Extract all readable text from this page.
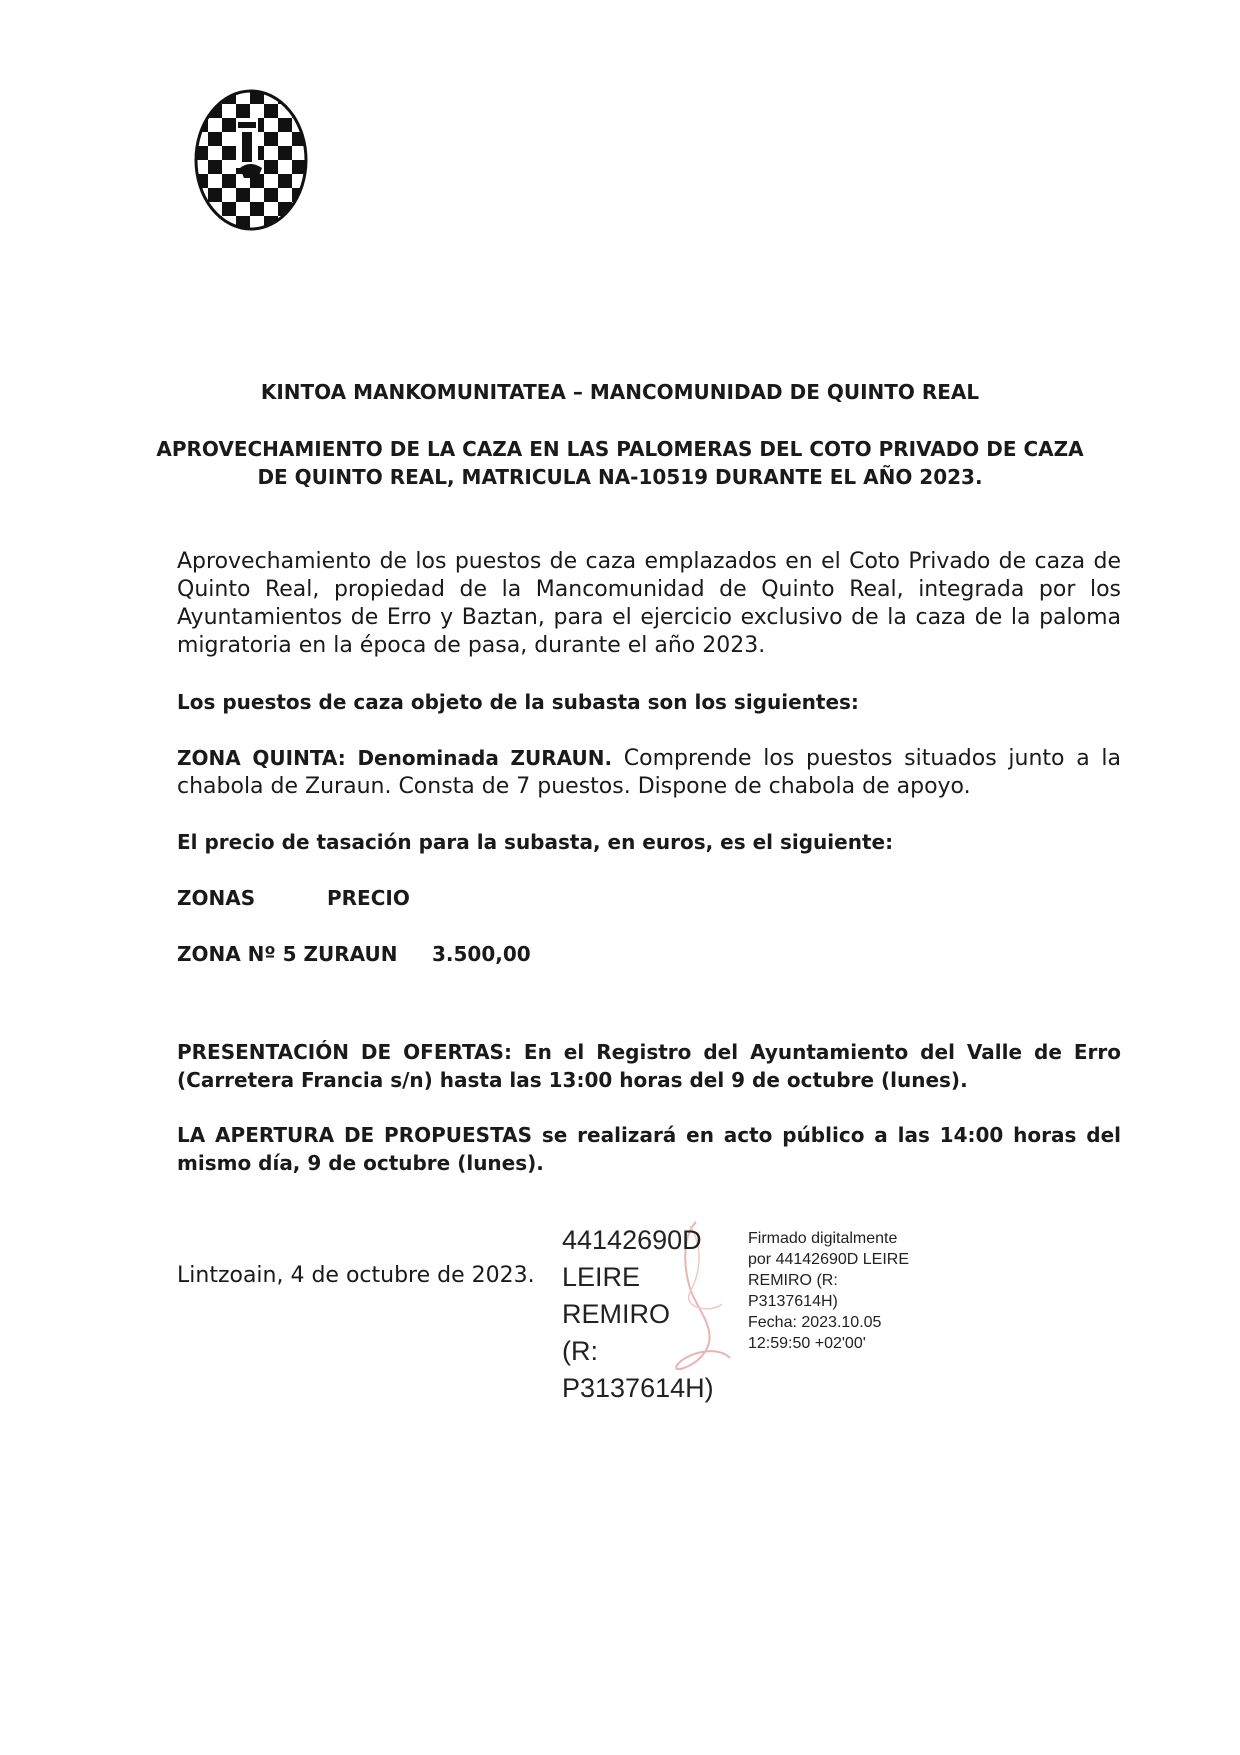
KINTOA MANKOMUNITATEA – MANCOMUNIDAD DE QUINTO REAL
APROVECHAMIENTO DE LA CAZA EN LAS PALOMERAS DEL COTO PRIVADO DE CAZA
DE QUINTO REAL, MATRICULA NA-10519 DURANTE EL AÑO 2023.
Aprovechamiento de los puestos de caza emplazados en el Coto Privado de caza de Quinto Real, propiedad de la Mancomunidad de Quinto Real, integrada por los Ayuntamientos de Erro y Baztan, para el ejercicio exclusivo de la caza de la paloma migratoria en la época de pasa, durante el año 2023.
Los puestos de caza objeto de la subasta son los siguientes:
ZONA QUINTA: Denominada ZURAUN. Comprende los puestos situados junto a la chabola de Zuraun. Consta de 7 puestos. Dispone de chabola de apoyo.
El precio de tasación para la subasta, en euros, es el siguiente:
ZONAS	PRECIO
ZONA Nº 5 ZURAUN 3.500,00
PRESENTACIÓN DE OFERTAS: En el Registro del Ayuntamiento del Valle de Erro (Carretera Francia s/n) hasta las 13:00 horas del 9 de octubre (lunes).
LA APERTURA DE PROPUESTAS se realizará en acto público a las 14:00 horas del mismo día, 9 de octubre (lunes).
Lintzoain, 4 de octubre de 2023.
44142690D
LEIRE REMIRO
(R:
P3137614H)
Firmado digitalmente
por 44142690D LEIRE
REMIRO (R:
P3137614H)
Fecha: 2023.10.05
12:59:50 +02'00'
